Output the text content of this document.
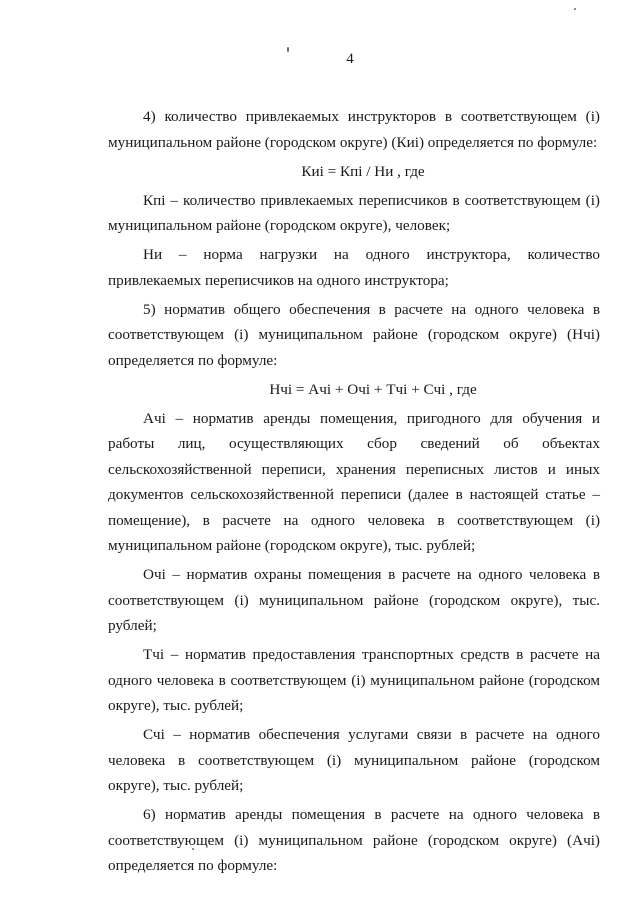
4

4) количество привлекаемых инструкторов в соответствующем (i) муниципальном районе (городском округе) (Киi) определяется по формуле:

Киi = Кпi / Ни , где

Кпi – количество привлекаемых переписчиков в соответствующем (i) муниципальном районе (городском округе), человек;

Ни – норма нагрузки на одного инструктора, количество привлекаемых переписчиков на одного инструктора;

5) норматив общего обеспечения в расчете на одного человека в соответствующем (i) муниципальном районе (городском округе) (Нчi) определяется по формуле:

Нчi = Ачi + Очi + Тчi + Счi , где

Ачi – норматив аренды помещения, пригодного для обучения и работы лиц, осуществляющих сбор сведений об объектах сельскохозяйственной переписи, хранения переписных листов и иных документов сельскохозяйственной переписи (далее в настоящей статье – помещение), в расчете на одного человека в соответствующем (i) муниципальном районе (городском округе), тыс. рублей;

Очi – норматив охраны помещения в расчете на одного человека в соответствующем (i) муниципальном районе (городском округе), тыс. рублей;

Тчi – норматив предоставления транспортных средств в расчете на одного человека в соответствующем (i) муниципальном районе (городском округе), тыс. рублей;

Счi – норматив обеспечения услугами связи в расчете на одного человека в соответствующем (i) муниципальном районе (городском округе), тыс. рублей;

6) норматив аренды помещения в расчете на одного человека в соответствующем (i) муниципальном районе (городском округе) (Ачi) определяется по формуле:
